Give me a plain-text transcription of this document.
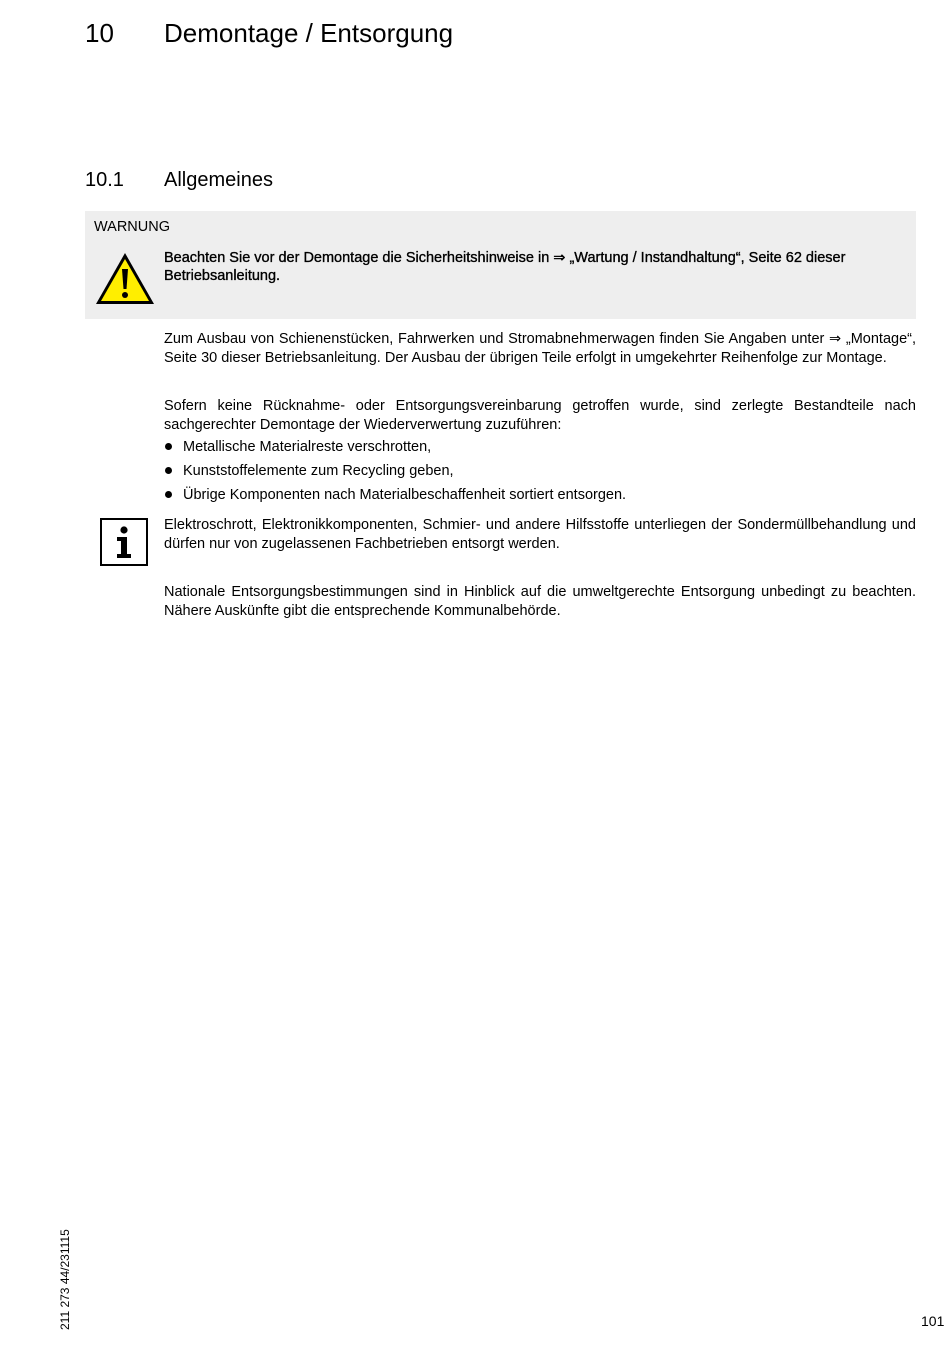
10 Demontage / Entsorgung
10.1 Allgemeines
WARNUNG
Beachten Sie vor der Demontage die Sicherheitshinweise in ⇒ „Wartung / Instandhaltung“, Seite 62 dieser Betriebsanleitung.
Zum Ausbau von Schienenstücken, Fahrwerken und Stromabnehmerwagen finden Sie Angaben unter ⇒ „Montage“, Seite 30 dieser Betriebsanleitung. Der Ausbau der übrigen Teile erfolgt in umgekehrter Reihenfolge zur Montage.
Sofern keine Rücknahme- oder Entsorgungsvereinbarung getroffen wurde, sind zerlegte Bestandteile nach sachgerechter Demontage der Wiederverwertung zuzuführen:
Metallische Materialreste verschrotten,
Kunststoffelemente zum Recycling geben,
Übrige Komponenten nach Materialbeschaffenheit sortiert entsorgen.
Elektroschrott, Elektronikkomponenten, Schmier- und andere Hilfsstoffe unterliegen der Sondermüllbehandlung und dürfen nur von zugelassenen Fachbetrieben entsorgt werden.
Nationale Entsorgungsbestimmungen sind in Hinblick auf die umweltgerechte Entsorgung unbedingt zu beachten. Nähere Auskünfte gibt die entsprechende Kommunalbehörde.
211 273 44/231115	101
